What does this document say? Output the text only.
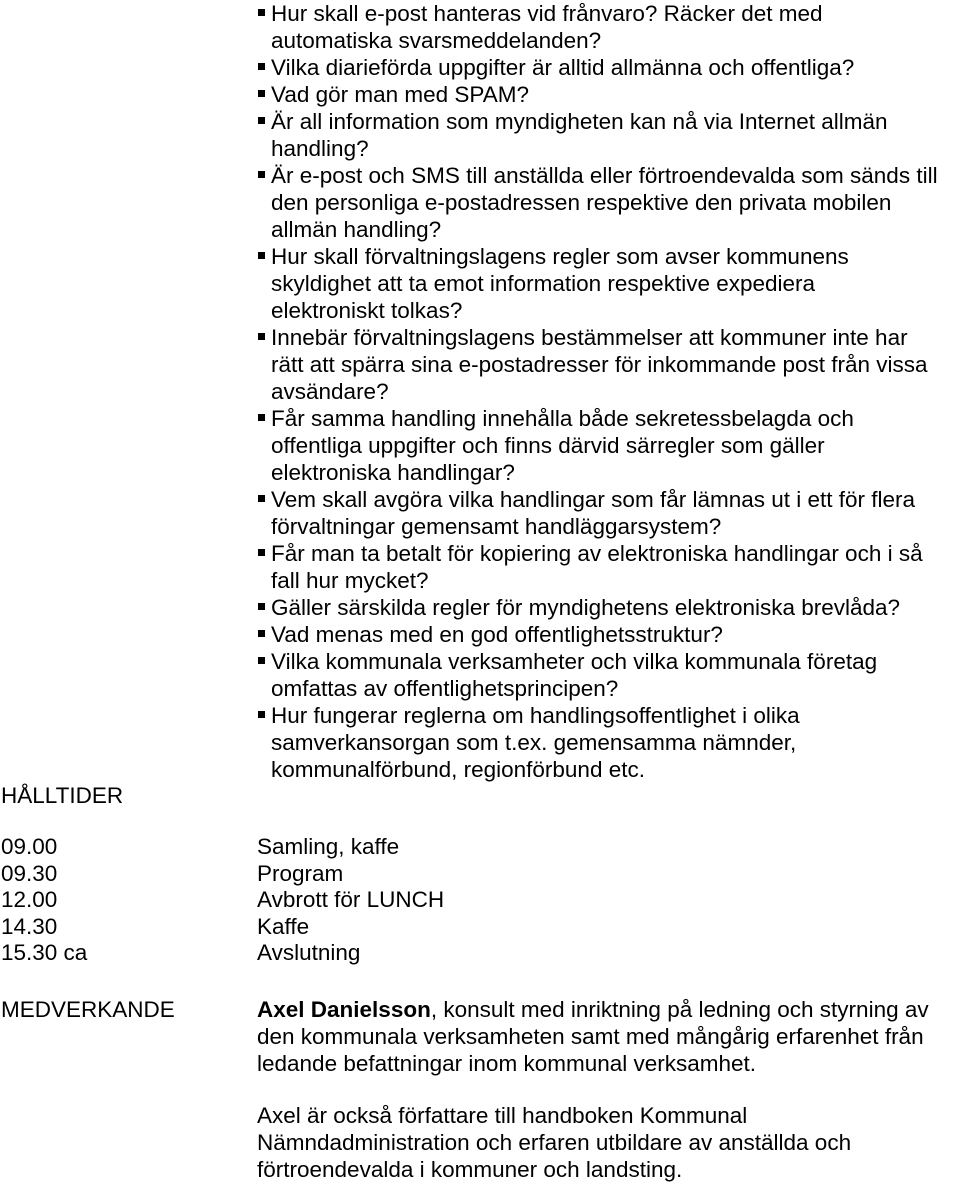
Hur skall e-post hanteras vid frånvaro? Räcker det med
automatiska svarsmeddelanden?
Vilka diarieförda uppgifter är alltid allmänna och offentliga?
Vad gör man med SPAM?
Är all information som myndigheten kan nå via Internet allmän
handling?
Är e-post och SMS till anställda eller förtroendevalda som sänds till
den personliga e-postadressen respektive den privata mobilen
allmän handling?
Hur skall förvaltningslagens regler som avser kommunens
skyldighet att ta emot information respektive expediera
elektroniskt tolkas?
Innebär förvaltningslagens bestämmelser att kommuner inte har
rätt att spärra sina e-postadresser för inkommande post från vissa
avsändare?
Får samma handling innehålla både sekretessbelagda och
offentliga uppgifter och finns därvid särregler som gäller
elektroniska handlingar?
Vem skall avgöra vilka handlingar som får lämnas ut i ett för flera
förvaltningar gemensamt handläggarsystem?
Får man ta betalt för kopiering av elektroniska handlingar och i så
fall hur mycket?
Gäller särskilda regler för myndighetens elektroniska brevlåda?
Vad menas med en god offentlighetsstruktur?
Vilka kommunala verksamheter och vilka kommunala företag
omfattas av offentlighetsprincipen?
Hur fungerar reglerna om handlingsoffentlighet i olika
samverkansorgan som t.ex. gemensamma nämnder,
kommunalförbund, regionförbund etc.
HÅLLTIDER
09.00	Samling, kaffe
09.30	Program
12.00	Avbrott för LUNCH
14.30	Kaffe
15.30 ca	Avslutning
MEDVERKANDE	Axel Danielsson, konsult med inriktning på ledning och styrning av
den kommunala verksamheten samt med mångårig erfarenhet från
ledande befattningar inom kommunal verksamhet.
Axel är också författare till handboken Kommunal
Nämndadministration och erfaren utbildare av anställda och
förtroendevalda i kommuner och landsting.
